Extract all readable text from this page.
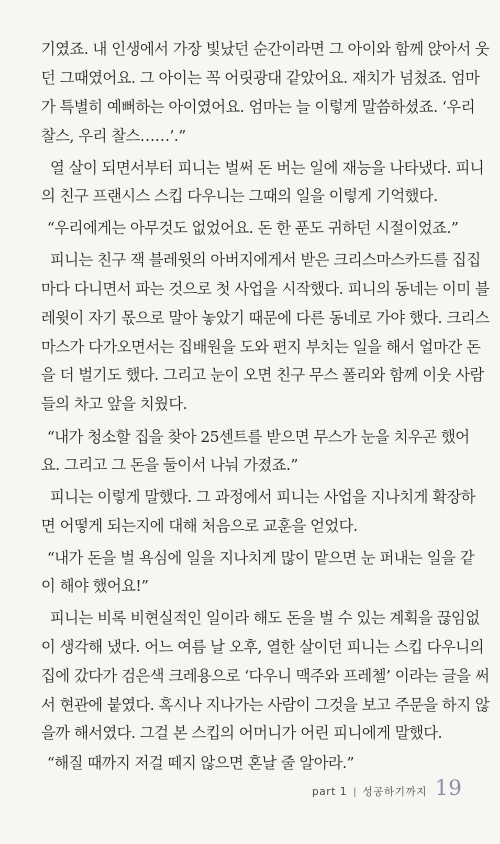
기였죠. 내 인생에서 가장 빛났던 순간이라면 그 아이와 함께 앉아서 웃
던 그때였어요. 그 아이는 꼭 어릿광대 같았어요. 재치가 넘쳤죠. 엄마
가 특별히 예뻐하는 아이였어요. 엄마는 늘 이렇게 말씀하셨죠. ‘우리
찰스, 우리 찰스……’.”
열 살이 되면서부터 피니는 벌써 돈 버는 일에 재능을 나타냈다. 피니
의 친구 프랜시스 스킵 다우니는 그때의 일을 이렇게 기억했다.
“우리에게는 아무것도 없었어요. 돈 한 푼도 귀하던 시절이었죠.”
피니는 친구 잭 블레윗의 아버지에게서 받은 크리스마스카드를 집집
마다 다니면서 파는 것으로 첫 사업을 시작했다. 피니의 동네는 이미 블
레윗이 자기 몫으로 말아 놓았기 때문에 다른 동네로 가야 했다. 크리스
마스가 다가오면서는 집배원을 도와 편지 부치는 일을 해서 얼마간 돈
을 더 벌기도 했다. 그리고 눈이 오면 친구 무스 폴리와 함께 이웃 사람
들의 차고 앞을 치웠다.
“내가 청소할 집을 찾아 25센트를 받으면 무스가 눈을 치우곤 했어
요. 그리고 그 돈을 둘이서 나눠 가졌죠.”
피니는 이렇게 말했다. 그 과정에서 피니는 사업을 지나치게 확장하
면 어떻게 되는지에 대해 처음으로 교훈을 얻었다.
“내가 돈을 벌 욕심에 일을 지나치게 많이 맡으면 눈 퍼내는 일을 같
이 해야 했어요!”
피니는 비록 비현실적인 일이라 해도 돈을 벌 수 있는 계획을 끊임없
이 생각해 냈다. 어느 여름 날 오후, 열한 살이던 피니는 스킵 다우니의
집에 갔다가 검은색 크레용으로 ‘다우니 맥주와 프레첼’ 이라는 글을 써
서 현관에 붙였다. 혹시나 지나가는 사람이 그것을 보고 주문을 하지 않
을까 해서였다. 그걸 본 스킵의 어머니가 어린 피니에게 말했다.
“해질 때까지 저걸 떼지 않으면 혼날 줄 알아라.”
part 1 | 성공하기까지 19
